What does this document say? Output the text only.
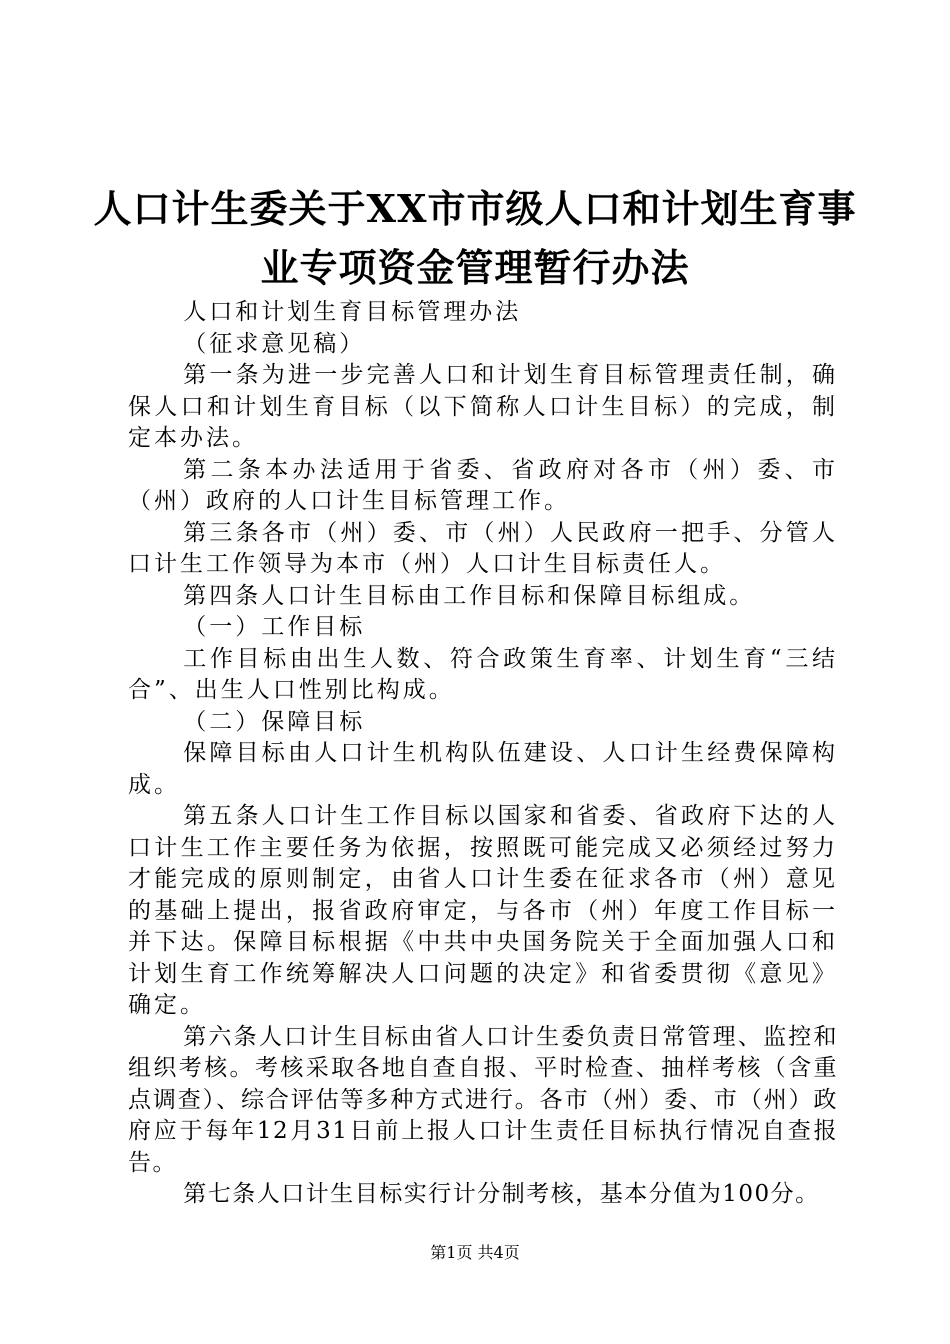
人口计生委关于XX市市级人口和计划生育事
业专项资金管理暂行办法

人口和计划生育目标管理办法

（征求意见稿）

第一条为进一步完善人口和计划生育目标管理责任制，确保人口和计划生育目标（以下简称人口计生目标）的完成，制定本办法。

第二条本办法适用于省委、省政府对各市（州）委、市（州）政府的人口计生目标管理工作。

第三条各市（州）委、市（州）人民政府一把手、分管人口计生工作领导为本市（州）人口计生目标责任人。

第四条人口计生目标由工作目标和保障目标组成。

（一）工作目标

工作目标由出生人数、符合政策生育率、计划生育“三结合”、出生人口性别比构成。

（二）保障目标

保障目标由人口计生机构队伍建设、人口计生经费保障构成。

第五条人口计生工作目标以国家和省委、省政府下达的人口计生工作主要任务为依据，按照既可能完成又必须经过努力才能完成的原则制定，由省人口计生委在征求各市（州）意见的基础上提出，报省政府审定，与各市（州）年度工作目标一并下达。保障目标根据《中共中央国务院关于全面加强人口和计划生育工作统筹解决人口问题的决定》和省委贯彻《意见》确定。

第六条人口计生目标由省人口计生委负责日常管理、监控和组织考核。考核采取各地自查自报、平时检查、抽样考核（含重点调查）、综合评估等多种方式进行。各市（州）委、市（州）政府应于每年12月31日前上报人口计生责任目标执行情况自查报告。

第七条人口计生目标实行计分制考核，基本分值为100分。

第1页 共4页
